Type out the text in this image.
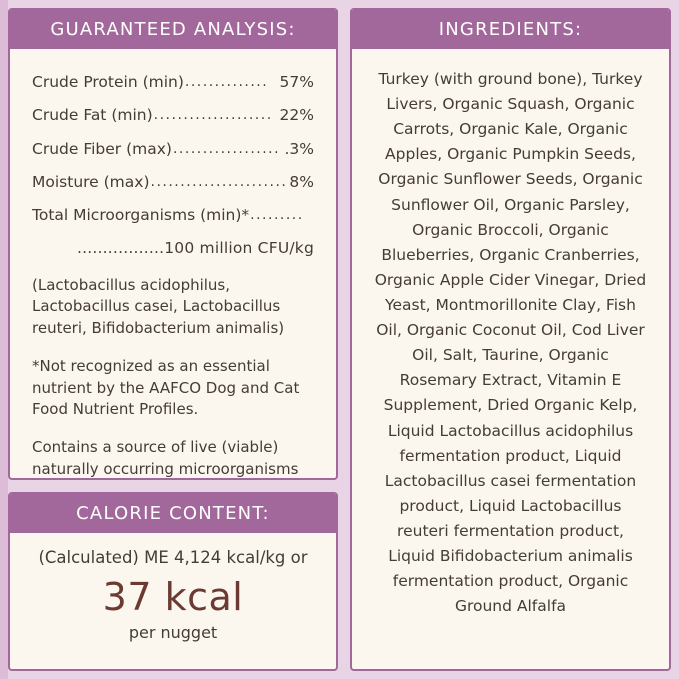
GUARANTEED ANALYSIS:
Crude Protein (min) .............. 57%
Crude Fat (min) .................... 22%
Crude Fiber (max) .................. .3%
Moisture (max) ....................... 8%
Total Microorganisms (min)* .........
.................100 million CFU/kg

(Lactobacillus acidophilus, Lactobacillus casei, Lactobacillus reuteri, Bifidobacterium animalis)

*Not recognized as an essential nutrient by the AAFCO Dog and Cat Food Nutrient Profiles.

Contains a source of live (viable) naturally occurring microorganisms

CALORIE CONTENT:
(Calculated) ME 4,124 kcal/kg or
37 kcal
per nugget
INGREDIENTS:
Turkey (with ground bone), Turkey Livers, Organic Squash, Organic Carrots, Organic Kale, Organic Apples, Organic Pumpkin Seeds, Organic Sunflower Seeds, Organic Sunflower Oil, Organic Parsley, Organic Broccoli, Organic Blueberries, Organic Cranberries, Organic Apple Cider Vinegar, Dried Yeast, Montmorillonite Clay, Fish Oil, Organic Coconut Oil, Cod Liver Oil, Salt, Taurine, Organic Rosemary Extract, Vitamin E Supplement, Dried Organic Kelp, Liquid Lactobacillus acidophilus fermentation product, Liquid Lactobacillus casei fermentation product, Liquid Lactobacillus reuteri fermentation product, Liquid Bifidobacterium animalis fermentation product, Organic Ground Alfalfa
